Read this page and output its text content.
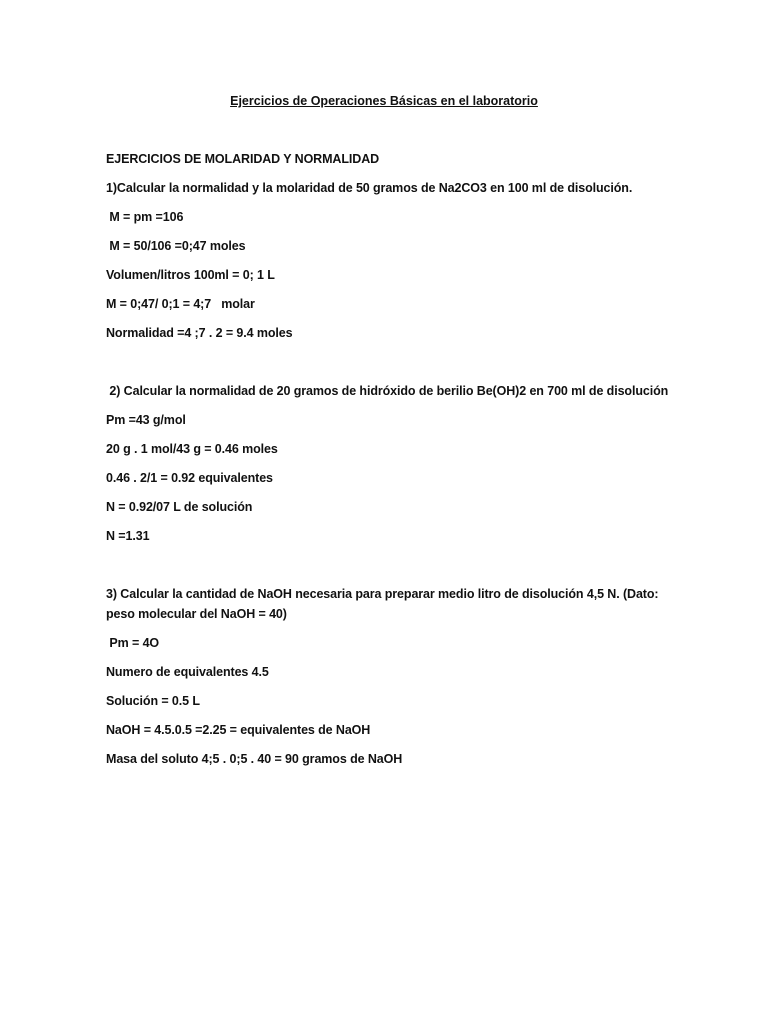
Ejercicios de Operaciones Básicas en el laboratorio
EJERCICIOS DE MOLARIDAD Y NORMALIDAD
1)Calcular la normalidad y la molaridad de 50 gramos de Na2CO3 en 100 ml de disolución.
M = pm =106
M = 50/106 =0;47 moles
Volumen/litros 100ml = 0; 1 L
M = 0;47/ 0;1 = 4;7   molar
Normalidad =4 ;7 . 2 = 9.4 moles
2) Calcular la normalidad de 20 gramos de hidróxido de berilio Be(OH)2 en 700 ml de disolución
Pm =43 g/mol
20 g . 1 mol/43 g = 0.46 moles
0.46 . 2/1 = 0.92 equivalentes
N = 0.92/07 L de solución
N =1.31
3) Calcular la cantidad de NaOH necesaria para preparar medio litro de disolución 4,5 N. (Dato:
peso molecular del NaOH = 40)
Pm = 4O
Numero de equivalentes 4.5
Solución = 0.5 L
NaOH = 4.5.0.5 =2.25 = equivalentes de NaOH
Masa del soluto 4;5 . 0;5 . 40 = 90 gramos de NaOH
